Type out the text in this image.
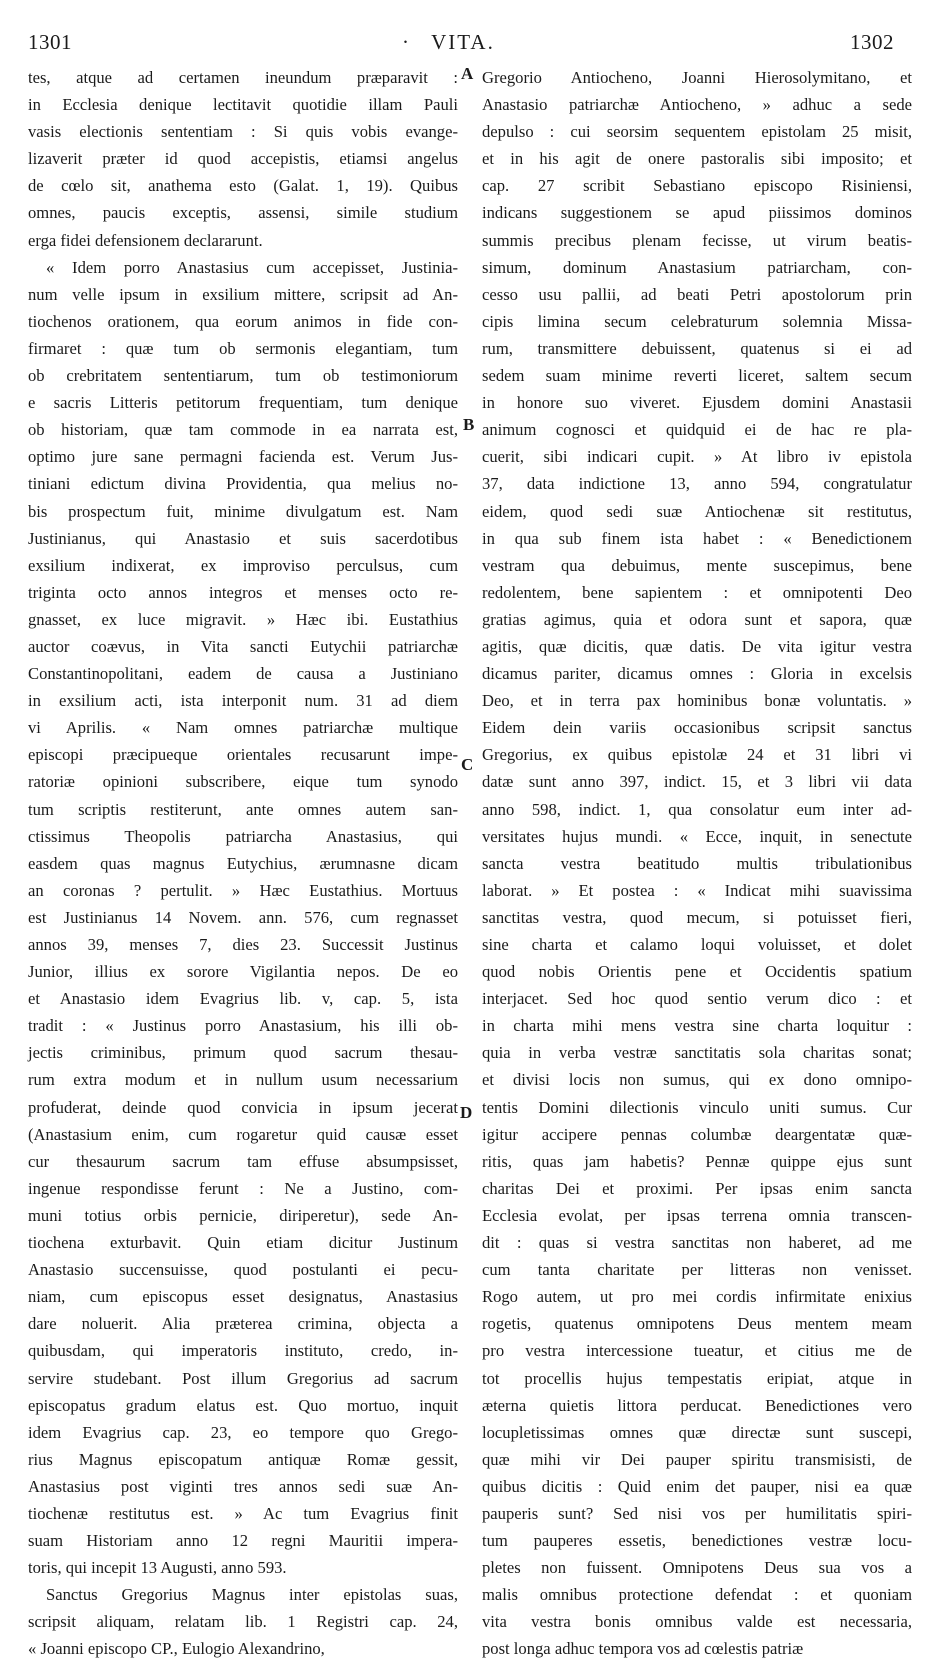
1301	·	VITA.	1302
A
B
C
D
tes, atque ad certamen ineundum præparavit :
in Ecclesia denique lectitavit quotidie illam Pauli
vasis electionis sententiam : Si quis vobis evange-
lizaverit præter id quod accepistis, etiamsi angelus
de cœlo sit, anathema esto (Galat. 1, 19). Quibus
omnes, paucis exceptis, assensi, simile studium
erga fidei defensionem declararunt.
« Idem porro Anastasius cum accepisset, Justinia-
num velle ipsum in exsilium mittere, scripsit ad An-
tiochenos orationem, qua eorum animos in fide con-
firmaret : quæ tum ob sermonis elegantiam, tum
ob crebritatem sententiarum, tum ob testimoniorum
e sacris Litteris petitorum frequentiam, tum denique
ob historiam, quæ tam commode in ea narrata est,
optimo jure sane permagni facienda est. Verum Jus-
tiniani edictum divina Providentia, qua melius no-
bis prospectum fuit, minime divulgatum est. Nam
Justinianus, qui Anastasio et suis sacerdotibus
exsilium indixerat, ex improviso perculsus, cum
triginta octo annos integros et menses octo re-
gnasset, ex luce migravit. » Hæc ibi. Eustathius
auctor coævus, in Vita sancti Eutychii patriarchæ
Constantinopolitani, eadem de causa a Justiniano
in exsilium acti, ista interponit num. 31 ad diem
vi Aprilis. « Nam omnes patriarchæ multique
episcopi præcipueque orientales recusarunt impe-
ratoriæ opinioni subscribere, eique tum synodo
tum scriptis restiterunt, ante omnes autem san-
ctissimus Theopolis patriarcha Anastasius, qui
easdem quas magnus Eutychius, ærumnasne dicam
an coronas ? pertulit. » Hæc Eustathius. Mortuus
est Justinianus 14 Novem. ann. 576, cum regnasset
annos 39, menses 7, dies 23. Successit Justinus
Junior, illius ex sorore Vigilantia nepos. De eo
et Anastasio idem Evagrius lib. v, cap. 5, ista
tradit : « Justinus porro Anastasium, his illi ob-
jectis criminibus, primum quod sacrum thesau-
rum extra modum et in nullum usum necessarium
profuderat, deinde quod convicia in ipsum jecerat
(Anastasium enim, cum rogaretur quid causæ esset
cur thesaurum sacrum tam effuse absumpsisset,
ingenue respondisse ferunt : Ne a Justino, com-
muni totius orbis pernicie, diriperetur), sede An-
tiochena exturbavit. Quin etiam dicitur Justinum
Anastasio succensuisse, quod postulanti ei pecu-
niam, cum episcopus esset designatus, Anastasius
dare noluerit. Alia præterea crimina, objecta a
quibusdam, qui imperatoris instituto, credo, in-
servire studebant. Post illum Gregorius ad sacrum
episcopatus gradum elatus est. Quo mortuo, inquit
idem Evagrius cap. 23, eo tempore quo Grego-
rius Magnus episcopatum antiquæ Romæ gessit,
Anastasius post viginti tres annos sedi suæ An-
tiochenæ restitutus est. » Ac tum Evagrius finit
suam Historiam anno 12 regni Mauritii impera-
toris, qui incepit 13 Augusti, anno 593.
Sanctus Gregorius Magnus inter epistolas suas,
scripsit aliquam, relatam lib. 1 Registri cap. 24,
« Joanni episcopo CP., Eulogio Alexandrino,
Gregorio Antiocheno, Joanni Hierosolymitano, et
Anastasio patriarchæ Antiocheno, » adhuc a sede
depulso : cui seorsim sequentem epistolam 25 misit,
et in his agit de onere pastoralis sibi imposito; et
cap. 27 scribit Sebastiano episcopo Risiniensi,
indicans suggestionem se apud piissimos dominos
summis precibus plenam fecisse, ut virum beatis-
simum, dominum Anastasium patriarcham, con-
cesso usu pallii, ad beati Petri apostolorum prin
cipis limina secum celebraturum solemnia Missa-
rum, transmittere debuissent, quatenus si ei ad
sedem suam minime reverti liceret, saltem secum
in honore suo viveret. Ejusdem domini Anastasii
animum cognosci et quidquid ei de hac re pla-
cuerit, sibi indicari cupit. » At libro iv epistola
37, data indictione 13, anno 594, congratulatur
eidem, quod sedi suæ Antiochenæ sit restitutus,
in qua sub finem ista habet : « Benedictionem
vestram qua debuimus, mente suscepimus, bene
redolentem, bene sapientem : et omnipotenti Deo
gratias agimus, quia et odora sunt et sapora, quæ
agitis, quæ dicitis, quæ datis. De vita igitur vestra
dicamus pariter, dicamus omnes : Gloria in excelsis
Deo, et in terra pax hominibus bonæ voluntatis. »
Eidem dein variis occasionibus scripsit sanctus
Gregorius, ex quibus epistolæ 24 et 31 libri vi
datæ sunt anno 397, indict. 15, et 3 libri vii data
anno 598, indict. 1, qua consolatur eum inter ad-
versitates hujus mundi. « Ecce, inquit, in senectute
sancta vestra beatitudo multis tribulationibus
laborat. » Et postea : « Indicat mihi suavissima
sanctitas vestra, quod mecum, si potuisset fieri,
sine charta et calamo loqui voluisset, et dolet
quod nobis Orientis pene et Occidentis spatium
interjacet. Sed hoc quod sentio verum dico : et
in charta mihi mens vestra sine charta loquitur :
quia in verba vestræ sanctitatis sola charitas sonat;
et divisi locis non sumus, qui ex dono omnipo-
tentis Domini dilectionis vinculo uniti sumus. Cur
igitur accipere pennas columbæ deargentatæ quæ-
ritis, quas jam habetis? Pennæ quippe ejus sunt
charitas Dei et proximi. Per ipsas enim sancta
Ecclesia evolat, per ipsas terrena omnia transcen-
dit : quas si vestra sanctitas non haberet, ad me
cum tanta charitate per litteras non venisset.
Rogo autem, ut pro mei cordis infirmitate enixius
rogetis, quatenus omnipotens Deus mentem meam
pro vestra intercessione tueatur, et citius me de
tot procellis hujus tempestatis eripiat, atque in
æterna quietis littora perducat. Benedictiones vero
locupletissimas omnes quæ directæ sunt suscepi,
quæ mihi vir Dei pauper spiritu transmisisti, de
quibus dicitis : Quid enim det pauper, nisi ea quæ
pauperis sunt? Sed nisi vos per humilitatis spiri-
tum pauperes essetis, benedictiones vestræ locu-
pletes non fuissent. Omnipotens Deus sua vos a
malis omnibus protectione defendat : et quoniam
vita vestra bonis omnibus valde est necessaria,
post longa adhuc tempora vos ad cœlestis patriæ
